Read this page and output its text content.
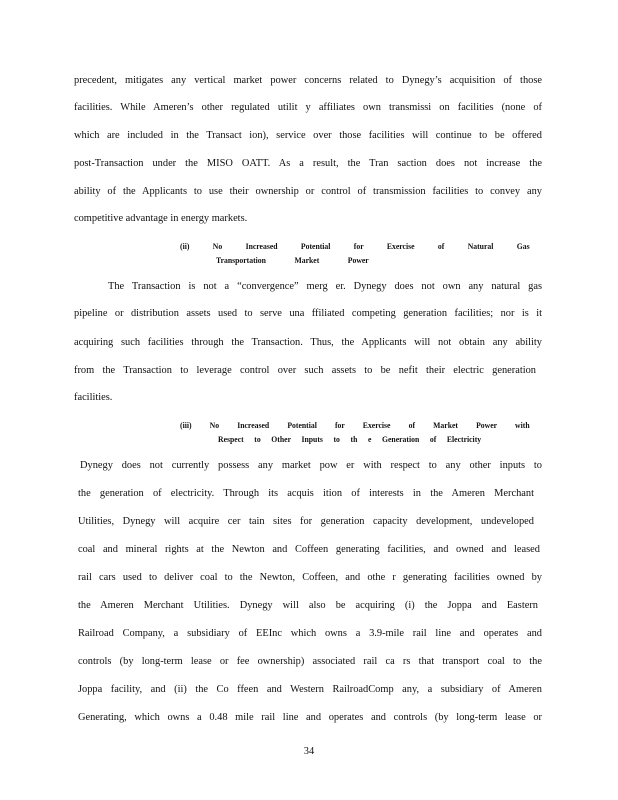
precedent, mitigates any vertical market power concerns related to Dynegy’s acquisition of those
facilities. While Ameren’s other regulated utilit y affiliates own transmissi on facilities (none of
which are included in the Transact ion), service over those facilities will continue to be offered
post-Transaction under the MISO OATT. As a result, the Tran saction does not increase the
ability of the Applicants to use their ownership or control of transmission facilities to convey any
competitive advantage in energy markets.
(ii) No Increased Potential for Exercise of Natural Gas
Transportation Market Power
The Transaction is not a “convergence” merg er. Dynegy does not own any natural gas
pipeline or distribution assets used to serve una ffiliated competing generation facilities; nor is it
acquiring such facilities through the Transaction. Thus, the Applicants will not obtain any ability
from the Transaction to leverage control over such assets to be nefit their electric generation
facilities.
(iii) No Increased Potential for Exercise of Market Power with
Respect to Other Inputs to th e Generation of Electricity
Dynegy does not currently possess any market pow er with respect to any other inputs to
the generation of electricity. Through its acquis ition of interests in the Ameren Merchant
Utilities, Dynegy will acquire cer tain sites for generation capacity development, undeveloped
coal and mineral rights at the Newton and Coffeen generating facilities, and owned and leased
rail cars used to deliver coal to the Newton, Coffeen, and othe r generating facilities owned by
the Ameren Merchant Utilities. Dynegy will also be acquiring (i) the Joppa and Eastern
Railroad Company, a subsidiary of EEInc which owns a 3.9-mile rail line and operates and
controls (by long-term lease or fee ownership) associated rail ca rs that transport coal to the
Joppa facility, and (ii) the Co ffeen and Western RailroadComp any, a subsidiary of Ameren
Generating, which owns a 0.48 mile rail line and operates and controls (by long-term lease or
34
